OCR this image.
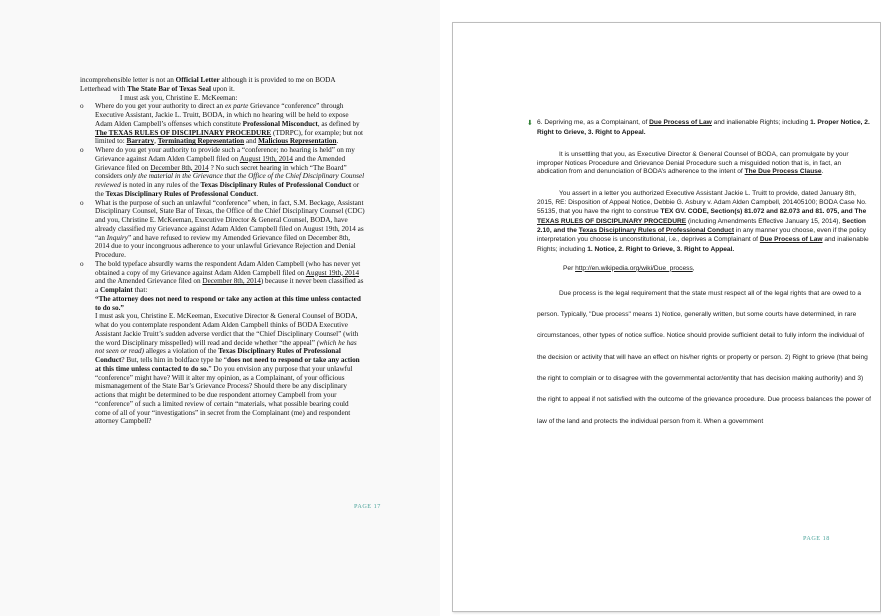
incomprehensible letter is not an Official Letter although it is provided to me on BODA Letterhead with The State Bar of Texas Seal upon it.

I must ask you, Christine E. McKeeman:

o	Where do you get your authority to direct an ex parte Grievance “conference” through Executive Assistant, Jackie L. Truitt, BODA, in which no hearing will be held to expose Adam Alden Campbell’s offenses which constitute Professional Misconduct, as defined by The TEXAS RULES OF DISCIPLINARY PROCEDURE (TDRPC), for example; but not limited to: Barratry, Terminating Representation and Malicious Representation.
o	Where do you get your authority to provide such a “conference; no hearing is held” on my Grievance against Adam Alden Campbell filed on August 19th, 2014 and the Amended Grievance filed on December 8th, 2014 ? No such secret hearing in which “The Board” considers only the material in the Grievance that the Office of the Chief Disciplinary Counsel reviewed is noted in any rules of the Texas Disciplinary Rules of Professional Conduct or the Texas Disciplinary Rules of Professional Conduct.
o	What is the purpose of such an unlawful “conference” when, in fact, S.M. Beckage, Assistant Disciplinary Counsel, State Bar of Texas, the Office of the Chief Disciplinary Counsel (CDC) and you, Christine E. McKeeman, Executive Director & General Counsel, BODA, have already classified my Grievance against Adam Alden Campbell filed on August 19th, 2014 as “an Inquiry” and have refused to review my Amended Grievance filed on December 8th, 2014 due to your incongruous adherence to your unlawful Grievance Rejection and Denial Procedure.
o	The bold typeface absurdly warns the respondent Adam Alden Campbell (who has never yet obtained a copy of my Grievance against Adam Alden Campbell filed on August 19th, 2014 and the Amended Grievance filed on December 8th, 2014) because it never been classified as a Complaint that:
“The attorney does not need to respond or take any action at this time unless contacted to do so.”
I must ask you, Christine E. McKeeman, Executive Director & General Counsel of BODA, what do you contemplate respondent Adam Alden Campbell thinks of BODA Executive Assistant Jackie Truitt’s sudden adverse verdict that the “Chief Disciplinary Counsel” (with the word Disciplinary misspelled) will read and decide whether “the appeal” (which he has not seen or read) alleges a violation of the Texas Disciplinary Rules of Professional Conduct? But, tells him in boldface type he “does not need to respond or take any action at this time unless contacted to do so.” Do you envision any purpose that your unlawful “conference” might have? Will it alter my opinion, as a Complainant, of your officious mismanagement of the State Bar’s Grievance Process? Should there be any disciplinary actions that might be determined to be due respondent attorney Campbell from your “conference” of such a limited review of certain “materials, what possible bearing could come of all of your “investigations” in secret from the Complainant (me) and respondent attorney Campbell?
PAGE 17

⬇ 6. Depriving me, as a Complainant, of Due Process of Law and inalienable Rights; including 1. Proper Notice, 2. Right to Grieve, 3. Right to Appeal.

It is unsettling that you, as Executive Director & General Counsel of BODA, can promulgate by your improper Notices Procedure and Grievance Denial Procedure such a misguided notion that is, in fact, an abdication from and denunciation of BODA’s adherence to the intent of The Due Process Clause.

You assert in a letter you authorized Executive Assistant Jackie L. Truitt to provide, dated January 8th, 2015, RE: Disposition of Appeal Notice, Debbie G. Asbury v. Adam Alden Campbell, 201405100; BODA Case No. 55135, that you have the right to construe TEX GV. CODE, Section(s) 81.072 and 82.073 and 81. 075, and The TEXAS RULES OF DISCIPLINARY PROCEDURE (including Amendments Effective January 15, 2014), Section 2.10, and the Texas Disciplinary Rules of Professional Conduct in any manner you choose, even if the policy interpretation you choose is unconstitutional, i.e., deprives a Complainant of Due Process of Law and inalienable Rights; including 1. Notice, 2. Right to Grieve, 3. Right to Appeal.

Per http://en.wikipedia.org/wiki/Due_process,

Due process is the legal requirement that the state must respect all of the legal rights that are owed to a person. Typically, "Due process" means 1) Notice, generally written, but some courts have determined, in rare circumstances, other types of notice suffice. Notice should provide sufficient detail to fully inform the individual of the decision or activity that will have an effect on his/her rights or property or person. 2) Right to grieve (that being the right to complain or to disagree with the governmental actor/entity that has decision making authority) and 3) the right to appeal if not satisfied with the outcome of the grievance procedure. Due process balances the power of law of the land and protects the individual person from it. When a government

PAGE 18
